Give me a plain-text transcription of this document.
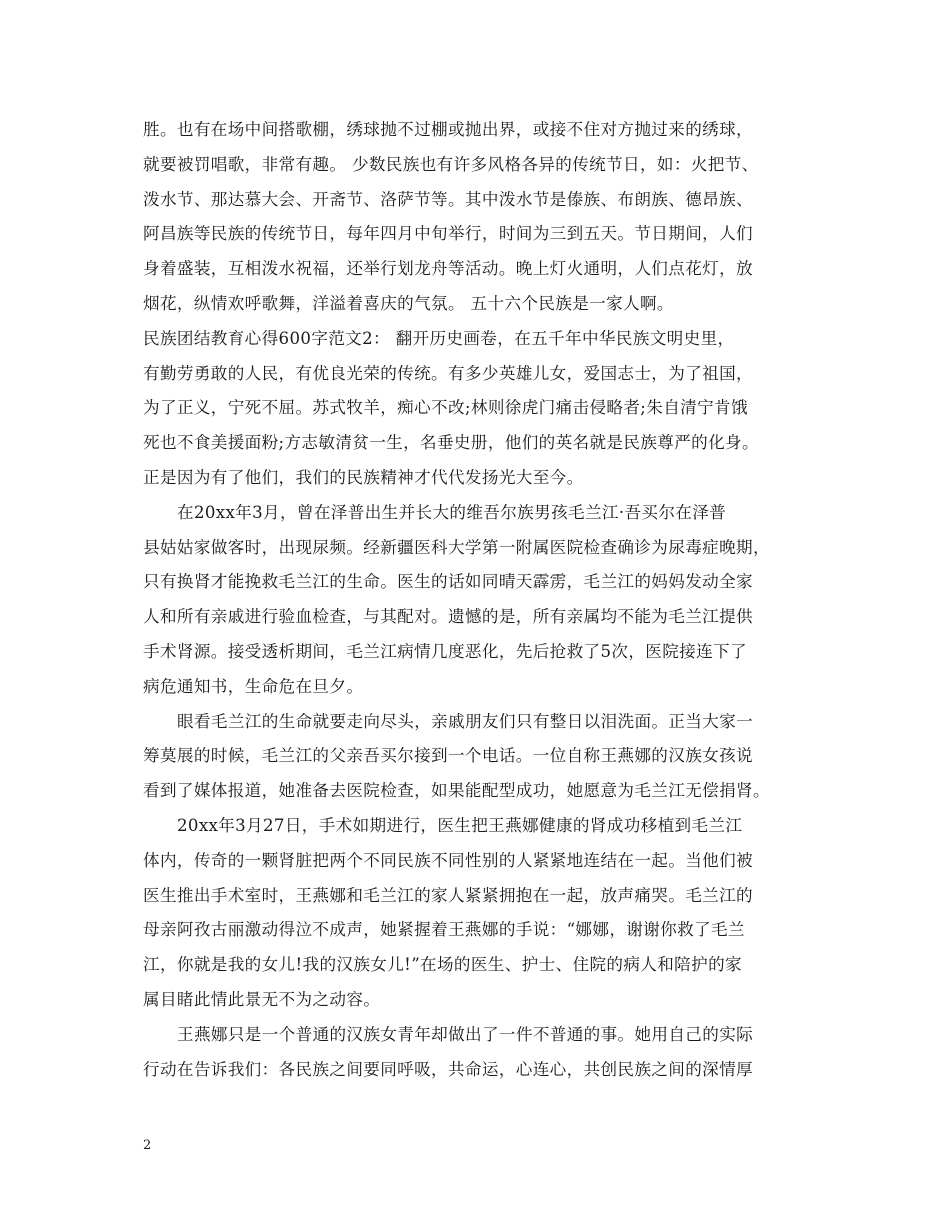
胜。也有在场中间搭歌棚，绣球抛不过棚或抛出界，或接不住对方抛过来的绣球，
就要被罚唱歌，非常有趣。 少数民族也有许多风格各异的传统节日，如：火把节、
泼水节、那达慕大会、开斋节、洛萨节等。其中泼水节是傣族、布朗族、德昂族、
阿昌族等民族的传统节日，每年四月中旬举行，时间为三到五天。节日期间，人们
身着盛装，互相泼水祝福，还举行划龙舟等活动。晚上灯火通明，人们点花灯，放
烟花，纵情欢呼歌舞，洋溢着喜庆的气氛。 五十六个民族是一家人啊。
民族团结教育心得600字范文2： 翻开历史画卷，在五千年中华民族文明史里，
有勤劳勇敢的人民，有优良光荣的传统。有多少英雄儿女，爱国志士，为了祖国，
为了正义，宁死不屈。苏式牧羊，痴心不改;林则徐虎门痛击侵略者;朱自清宁肯饿
死也不食美援面粉;方志敏清贫一生，名垂史册，他们的英名就是民族尊严的化身。
正是因为有了他们，我们的民族精神才代代发扬光大至今。
在20xx年3月，曾在泽普出生并长大的维吾尔族男孩毛兰江·吾买尔在泽普
县姑姑家做客时，出现尿频。经新疆医科大学第一附属医院检查确诊为尿毒症晚期，
只有换肾才能挽救毛兰江的生命。医生的话如同晴天霹雳，毛兰江的妈妈发动全家
人和所有亲戚进行验血检查，与其配对。遗憾的是，所有亲属均不能为毛兰江提供
手术肾源。接受透析期间，毛兰江病情几度恶化，先后抢救了5次，医院接连下了
病危通知书，生命危在旦夕。
眼看毛兰江的生命就要走向尽头，亲戚朋友们只有整日以泪洗面。正当大家一
筹莫展的时候，毛兰江的父亲吾买尔接到一个电话。一位自称王燕娜的汉族女孩说
看到了媒体报道，她准备去医院检查，如果能配型成功，她愿意为毛兰江无偿捐肾。
20xx年3月27日，手术如期进行，医生把王燕娜健康的肾成功移植到毛兰江
体内，传奇的一颗肾脏把两个不同民族不同性别的人紧紧地连结在一起。当他们被
医生推出手术室时，王燕娜和毛兰江的家人紧紧拥抱在一起，放声痛哭。毛兰江的
母亲阿孜古丽激动得泣不成声，她紧握着王燕娜的手说：“娜娜，谢谢你救了毛兰
江，你就是我的女儿!我的汉族女儿!”在场的医生、护士、住院的病人和陪护的家
属目睹此情此景无不为之动容。
王燕娜只是一个普通的汉族女青年却做出了一件不普通的事。她用自己的实际
行动在告诉我们：各民族之间要同呼吸，共命运，心连心，共创民族之间的深情厚
2
